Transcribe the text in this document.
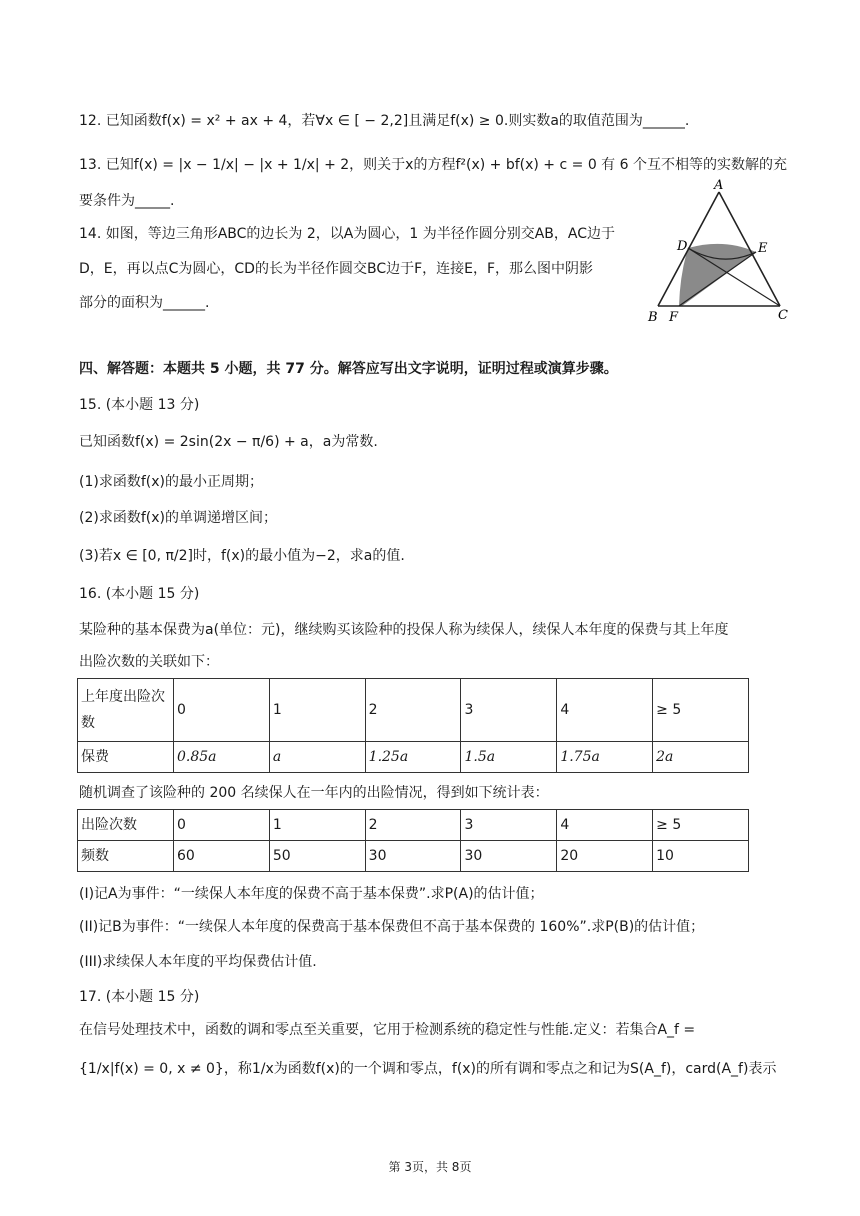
12. 已知函数f(x) = x² + ax + 4，若∀x ∈ [ − 2,2]且满足f(x) ≥ 0.则实数a的取值范围为______.
13. 已知f(x) = |x − 1/x| − |x + 1/x| + 2，则关于x的方程f²(x) + bf(x) + c = 0 有 6 个互不相等的实数解的充
要条件为_____.
14. 如图，等边三角形ABC的边长为 2，以A为圆心，1 为半径作圆分别交AB，AC边于
D，E，再以点C为圆心，CD的长为半径作圆交BC边于F，连接E，F，那么图中阴影
部分的面积为______.
A
D	E
B F	C
四、解答题：本题共 5 小题，共 77 分。解答应写出文字说明，证明过程或演算步骤。
15. (本小题 13 分)
已知函数f(x) = 2sin(2x − π/6) + a，a为常数.
(1)求函数f(x)的最小正周期；
(2)求函数f(x)的单调递增区间；
(3)若x ∈ [0, π/2]时，f(x)的最小值为−2，求a的值.
16. (本小题 15 分)
某险种的基本保费为a(单位：元)，继续购买该险种的投保人称为续保人，续保人本年度的保费与其上年度
出险次数的关联如下：
上年度出险次数	0	1	2	3	4	≥ 5
保费	0.85a	a	1.25a	1.5a	1.75a	2a
随机调查了该险种的 200 名续保人在一年内的出险情况，得到如下统计表：
出险次数	0	1	2	3	4	≥ 5
频数	60	50	30	30	20	10
(I)记A为事件：“一续保人本年度的保费不高于基本保费”.求P(A)的估计值；
(II)记B为事件：“一续保人本年度的保费高于基本保费但不高于基本保费的 160%”.求P(B)的估计值；
(III)求续保人本年度的平均保费估计值.
17. (本小题 15 分)
在信号处理技术中，函数的调和零点至关重要，它用于检测系统的稳定性与性能.定义：若集合A_f =
{1/x|f(x) = 0, x ≠ 0}，称1/x为函数f(x)的一个调和零点，f(x)的所有调和零点之和记为S(A_f)，card(A_f)表示
第 3页，共 8页
